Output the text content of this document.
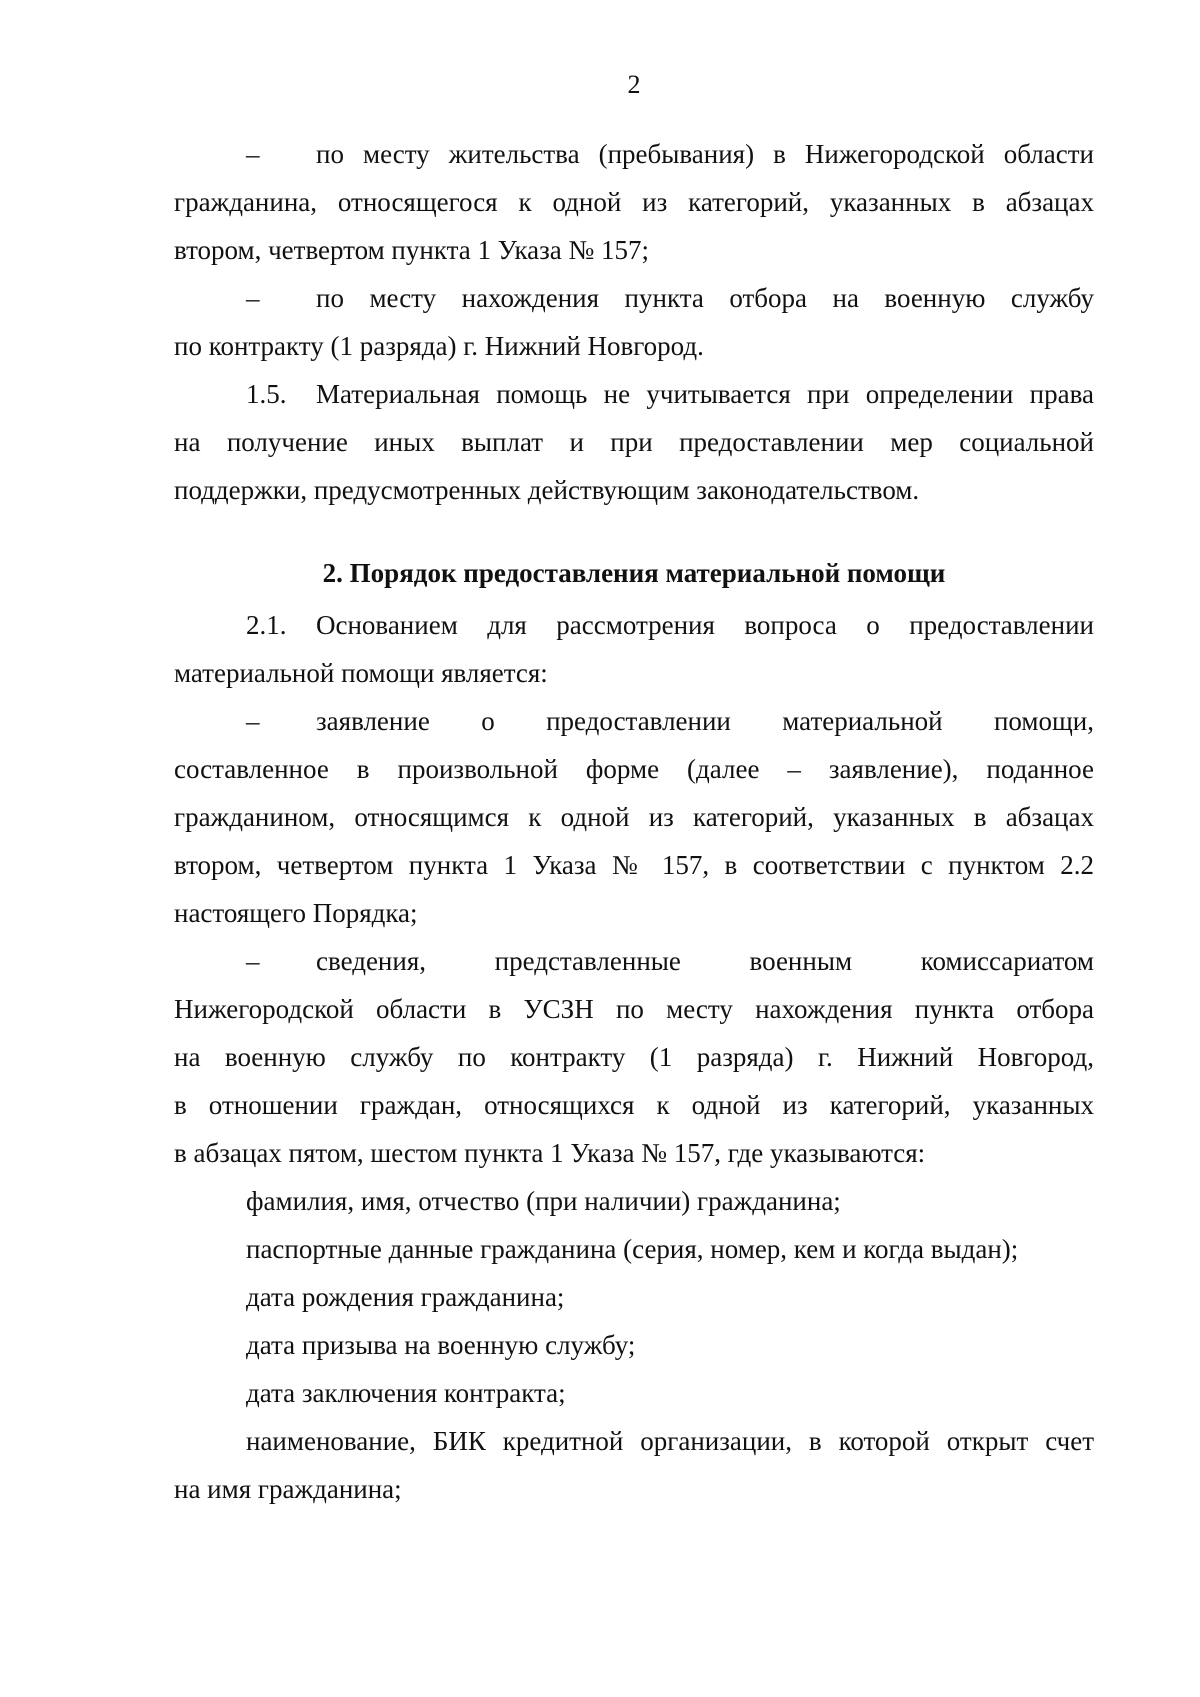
2

– по месту жительства (пребывания) в Нижегородской области

гражданина, относящегося к одной из категорий, указанных в абзацах

втором, четвертом пункта 1 Указа № 157;

– по месту нахождения пункта отбора на военную службу

по контракту (1 разряда) г. Нижний Новгород.

1.5. Материальная помощь не учитывается при определении права

на получение иных выплат и при предоставлении мер социальной

поддержки, предусмотренных действующим законодательством.

2. Порядок предоставления материальной помощи

2.1. Основанием для рассмотрения вопроса о предоставлении

материальной помощи является:

– заявление о предоставлении материальной помощи,

составленное в произвольной форме (далее – заявление), поданное

гражданином, относящимся к одной из категорий, указанных в абзацах

втором, четвертом пункта 1 Указа № 157, в соответствии с пунктом 2.2

настоящего Порядка;

– сведения, представленные военным комиссариатом

Нижегородской области в УСЗН по месту нахождения пункта отбора

на военную службу по контракту (1 разряда) г. Нижний Новгород,

в отношении граждан, относящихся к одной из категорий, указанных

в абзацах пятом, шестом пункта 1 Указа № 157, где указываются:

фамилия, имя, отчество (при наличии) гражданина;

паспортные данные гражданина (серия, номер, кем и когда выдан);

дата рождения гражданина;

дата призыва на военную службу;

дата заключения контракта;

наименование, БИК кредитной организации, в которой открыт счет

на имя гражданина;
